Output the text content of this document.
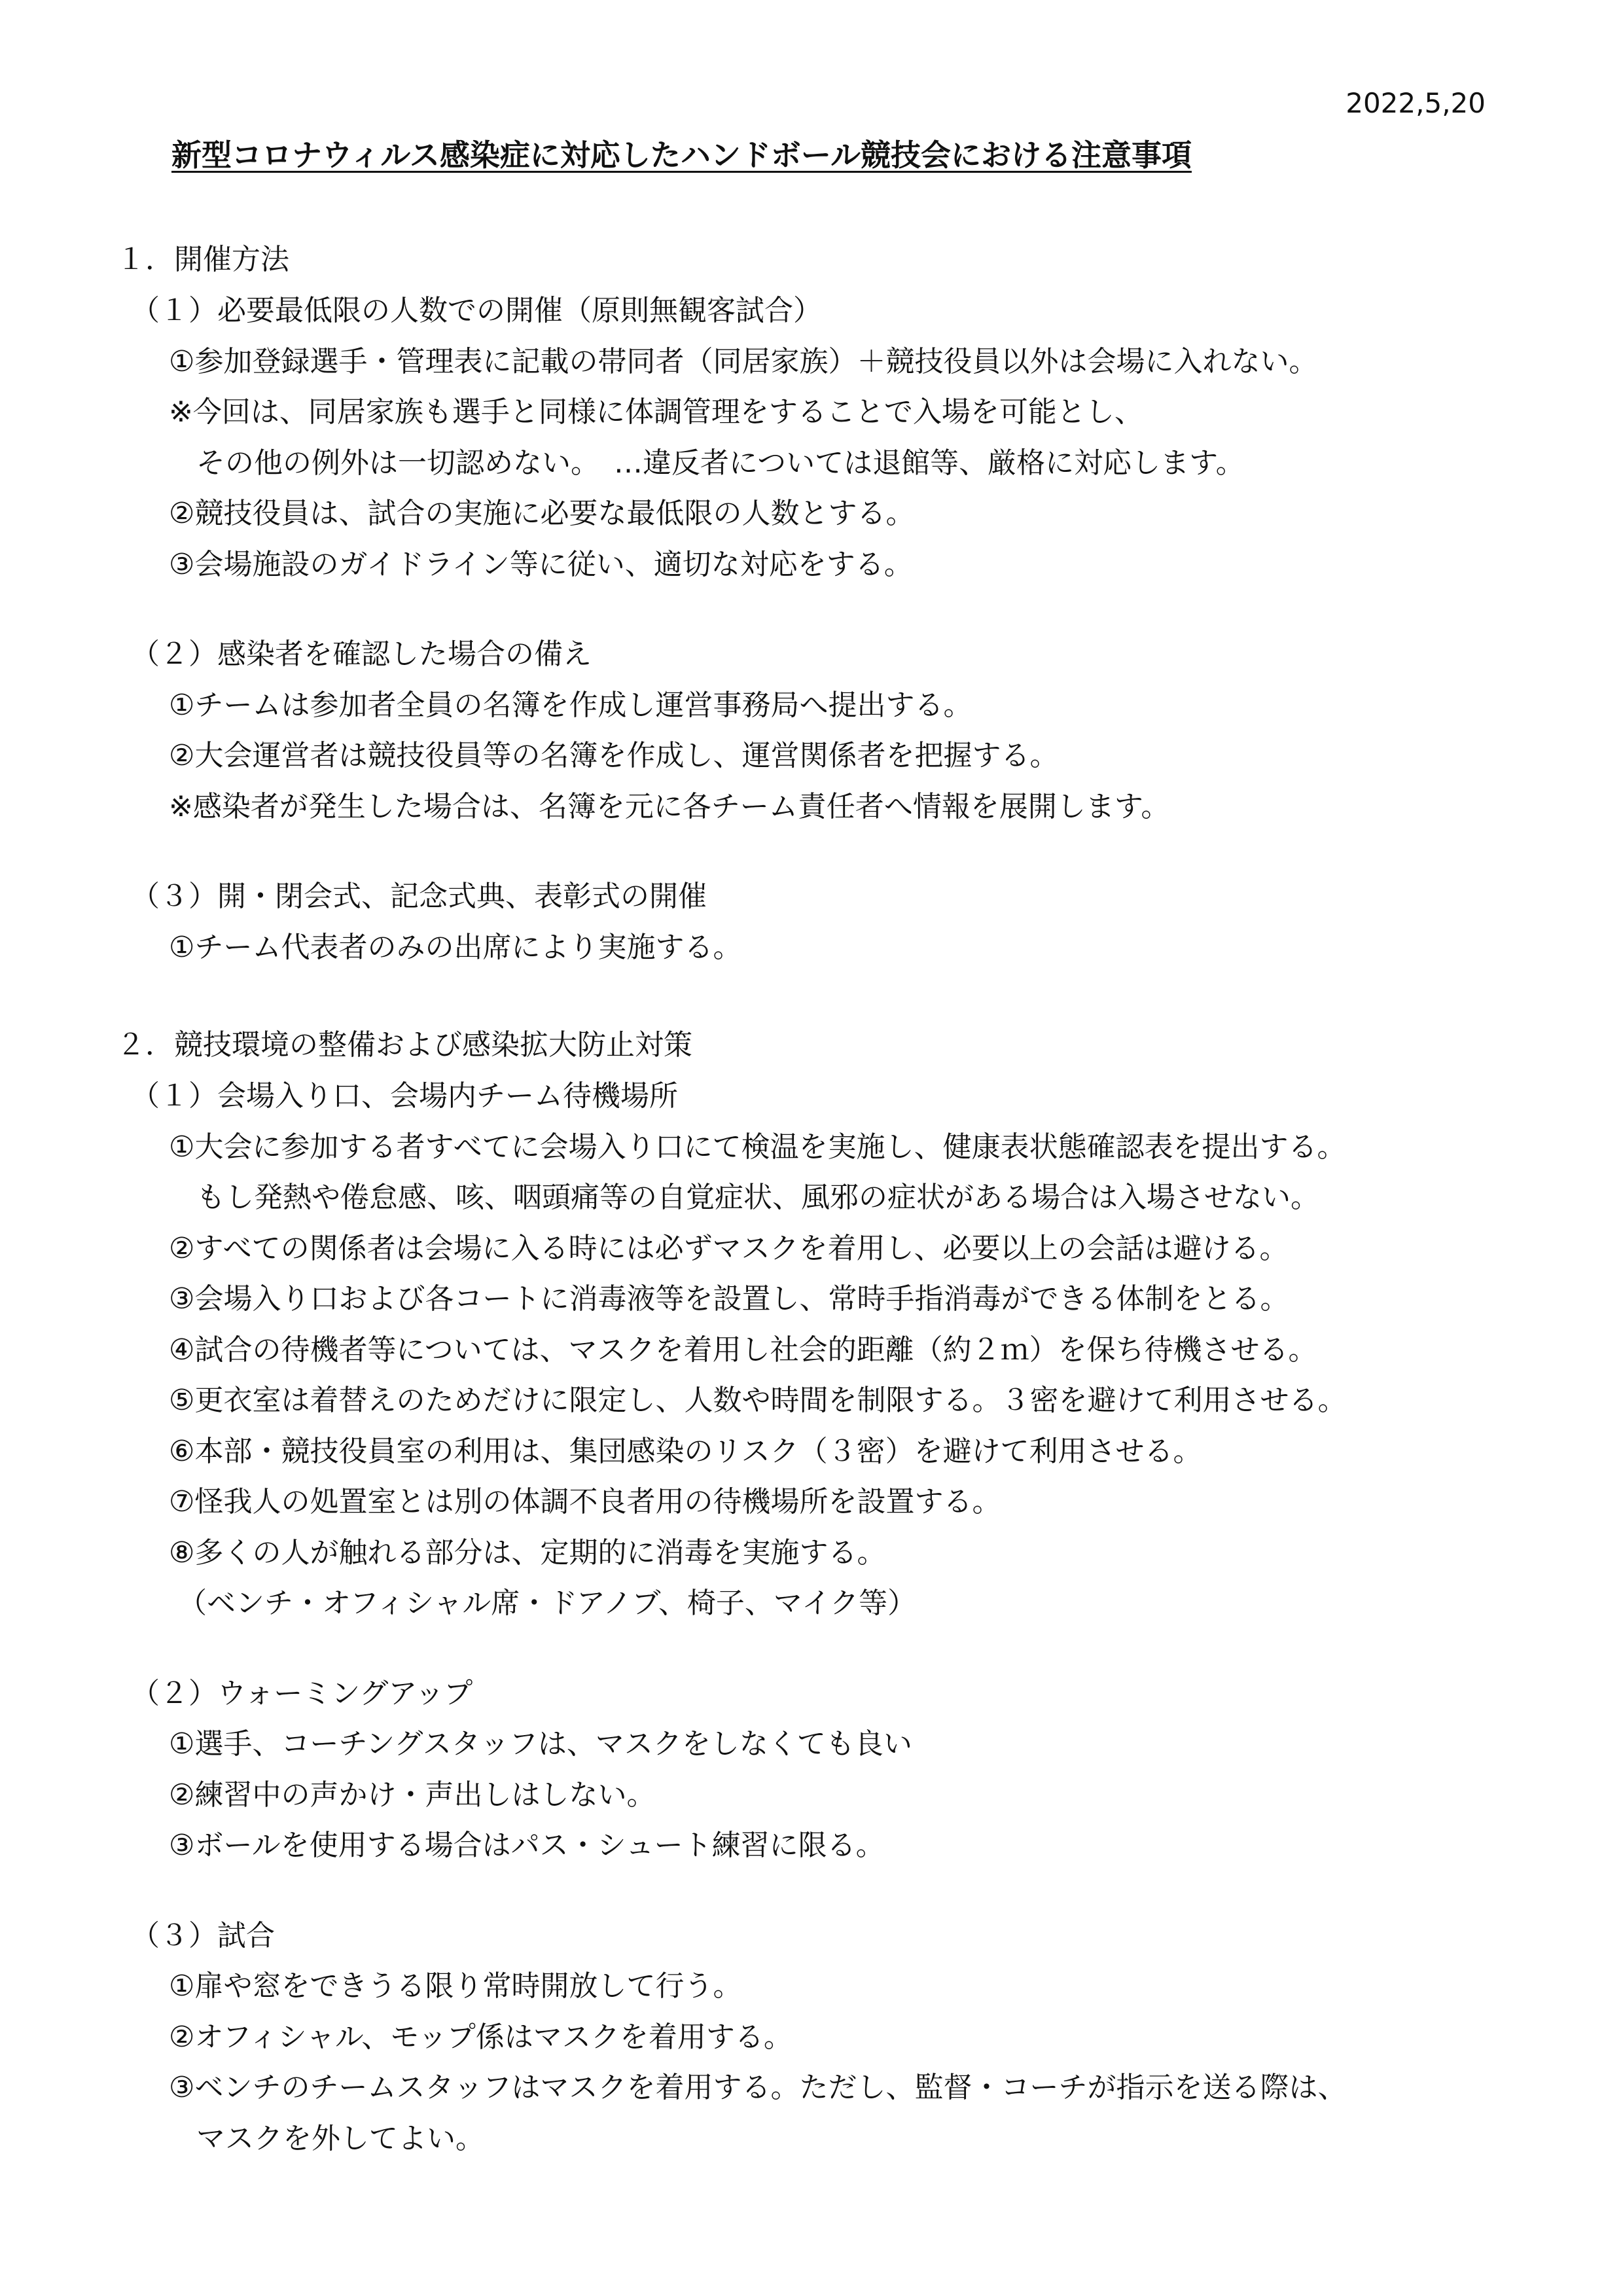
2022,5,20
新型コロナウィルス感染症に対応したハンドボール競技会における注意事項
１．開催方法
（１）必要最低限の人数での開催（原則無観客試合）
①参加登録選手・管理表に記載の帯同者（同居家族）＋競技役員以外は会場に入れない。
※今回は、同居家族も選手と同様に体調管理をすることで入場を可能とし、
その他の例外は一切認めない。　…違反者については退館等、厳格に対応します。
②競技役員は、試合の実施に必要な最低限の人数とする。
③会場施設のガイドライン等に従い、適切な対応をする。
（２）感染者を確認した場合の備え
①チームは参加者全員の名簿を作成し運営事務局へ提出する。
②大会運営者は競技役員等の名簿を作成し、運営関係者を把握する。
※感染者が発生した場合は、名簿を元に各チーム責任者へ情報を展開します。
（３）開・閉会式、記念式典、表彰式の開催
①チーム代表者のみの出席により実施する。
２．競技環境の整備および感染拡大防止対策
（１）会場入り口、会場内チーム待機場所
①大会に参加する者すべてに会場入り口にて検温を実施し、健康表状態確認表を提出する。
もし発熱や倦怠感、咳、咽頭痛等の自覚症状、風邪の症状がある場合は入場させない。
②すべての関係者は会場に入る時には必ずマスクを着用し、必要以上の会話は避ける。
③会場入り口および各コートに消毒液等を設置し、常時手指消毒ができる体制をとる。
④試合の待機者等については、マスクを着用し社会的距離（約２ｍ）を保ち待機させる。
⑤更衣室は着替えのためだけに限定し、人数や時間を制限する。３密を避けて利用させる。
⑥本部・競技役員室の利用は、集団感染のリスク（３密）を避けて利用させる。
⑦怪我人の処置室とは別の体調不良者用の待機場所を設置する。
⑧多くの人が触れる部分は、定期的に消毒を実施する。
（ベンチ・オフィシャル席・ドアノブ、椅子、マイク等）
（２）ウォーミングアップ
①選手、コーチングスタッフは、マスクをしなくても良い
②練習中の声かけ・声出しはしない。
③ボールを使用する場合はパス・シュート練習に限る。
（３）試合
①扉や窓をできうる限り常時開放して行う。
②オフィシャル、モップ係はマスクを着用する。
③ベンチのチームスタッフはマスクを着用する。ただし、監督・コーチが指示を送る際は、
マスクを外してよい。
